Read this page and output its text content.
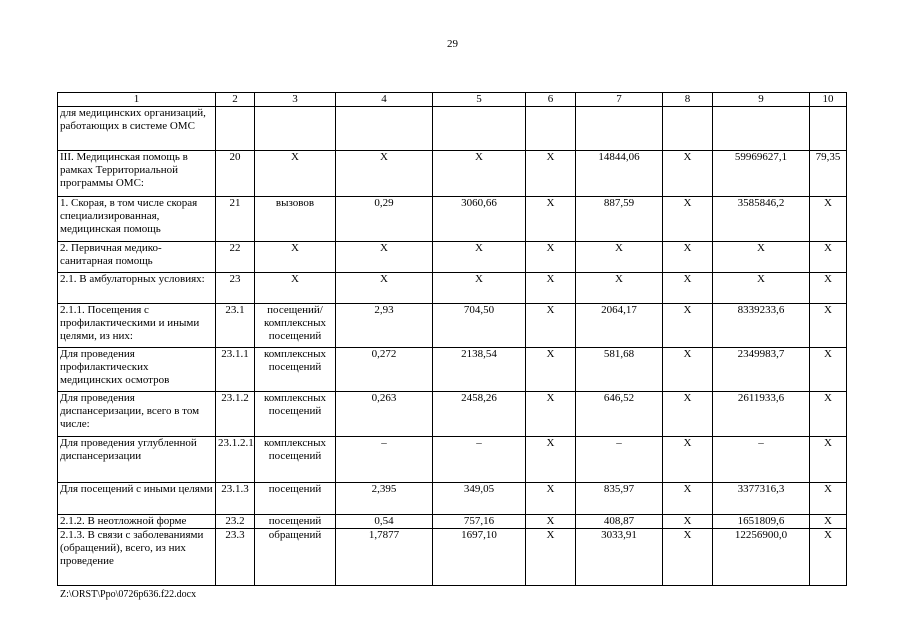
29
1	2	3	4	5	6	7	8	9	10
для медицинских организаций, работающих в системе ОМС									
III. Медицинская помощь в рамках Территориальной программы ОМС:	20	Х	Х	Х	Х	14844,06	Х	59969627,1	79,35
1. Скорая, в том числе скорая специализированная, медицинская помощь	21	вызовов	0,29	3060,66	Х	887,59	Х	3585846,2	Х
2. Первичная медико-санитарная помощь	22	Х	Х	Х	Х	Х	Х	Х	Х
2.1. В амбулаторных условиях:	23	Х	Х	Х	Х	Х	Х	Х	Х
2.1.1. Посещения с профилактическими и иными целями, из них:	23.1	посещений/ комплексных посещений	2,93	704,50	Х	2064,17	Х	8339233,6	Х
Для проведения профилактических медицинских осмотров	23.1.1	комплексных посещений	0,272	2138,54	Х	581,68	Х	2349983,7	Х
Для проведения диспансеризации, всего в том числе:	23.1.2	комплексных посещений	0,263	2458,26	Х	646,52	Х	2611933,6	Х
Для проведения углубленной диспансеризации	23.1.2.1	комплексных посещений	–	–	Х	–	Х	–	Х
Для посещений с иными целями	23.1.3	посещений	2,395	349,05	Х	835,97	Х	3377316,3	Х
2.1.2. В неотложной форме	23.2	посещений	0,54	757,16	Х	408,87	Х	1651809,6	Х
2.1.3. В связи с заболеваниями (обращений), всего, из них проведение	23.3	обращений	1,7877	1697,10	Х	3033,91	Х	12256900,0	Х
Z:\ORST\Ppo\0726p636.f22.docx
